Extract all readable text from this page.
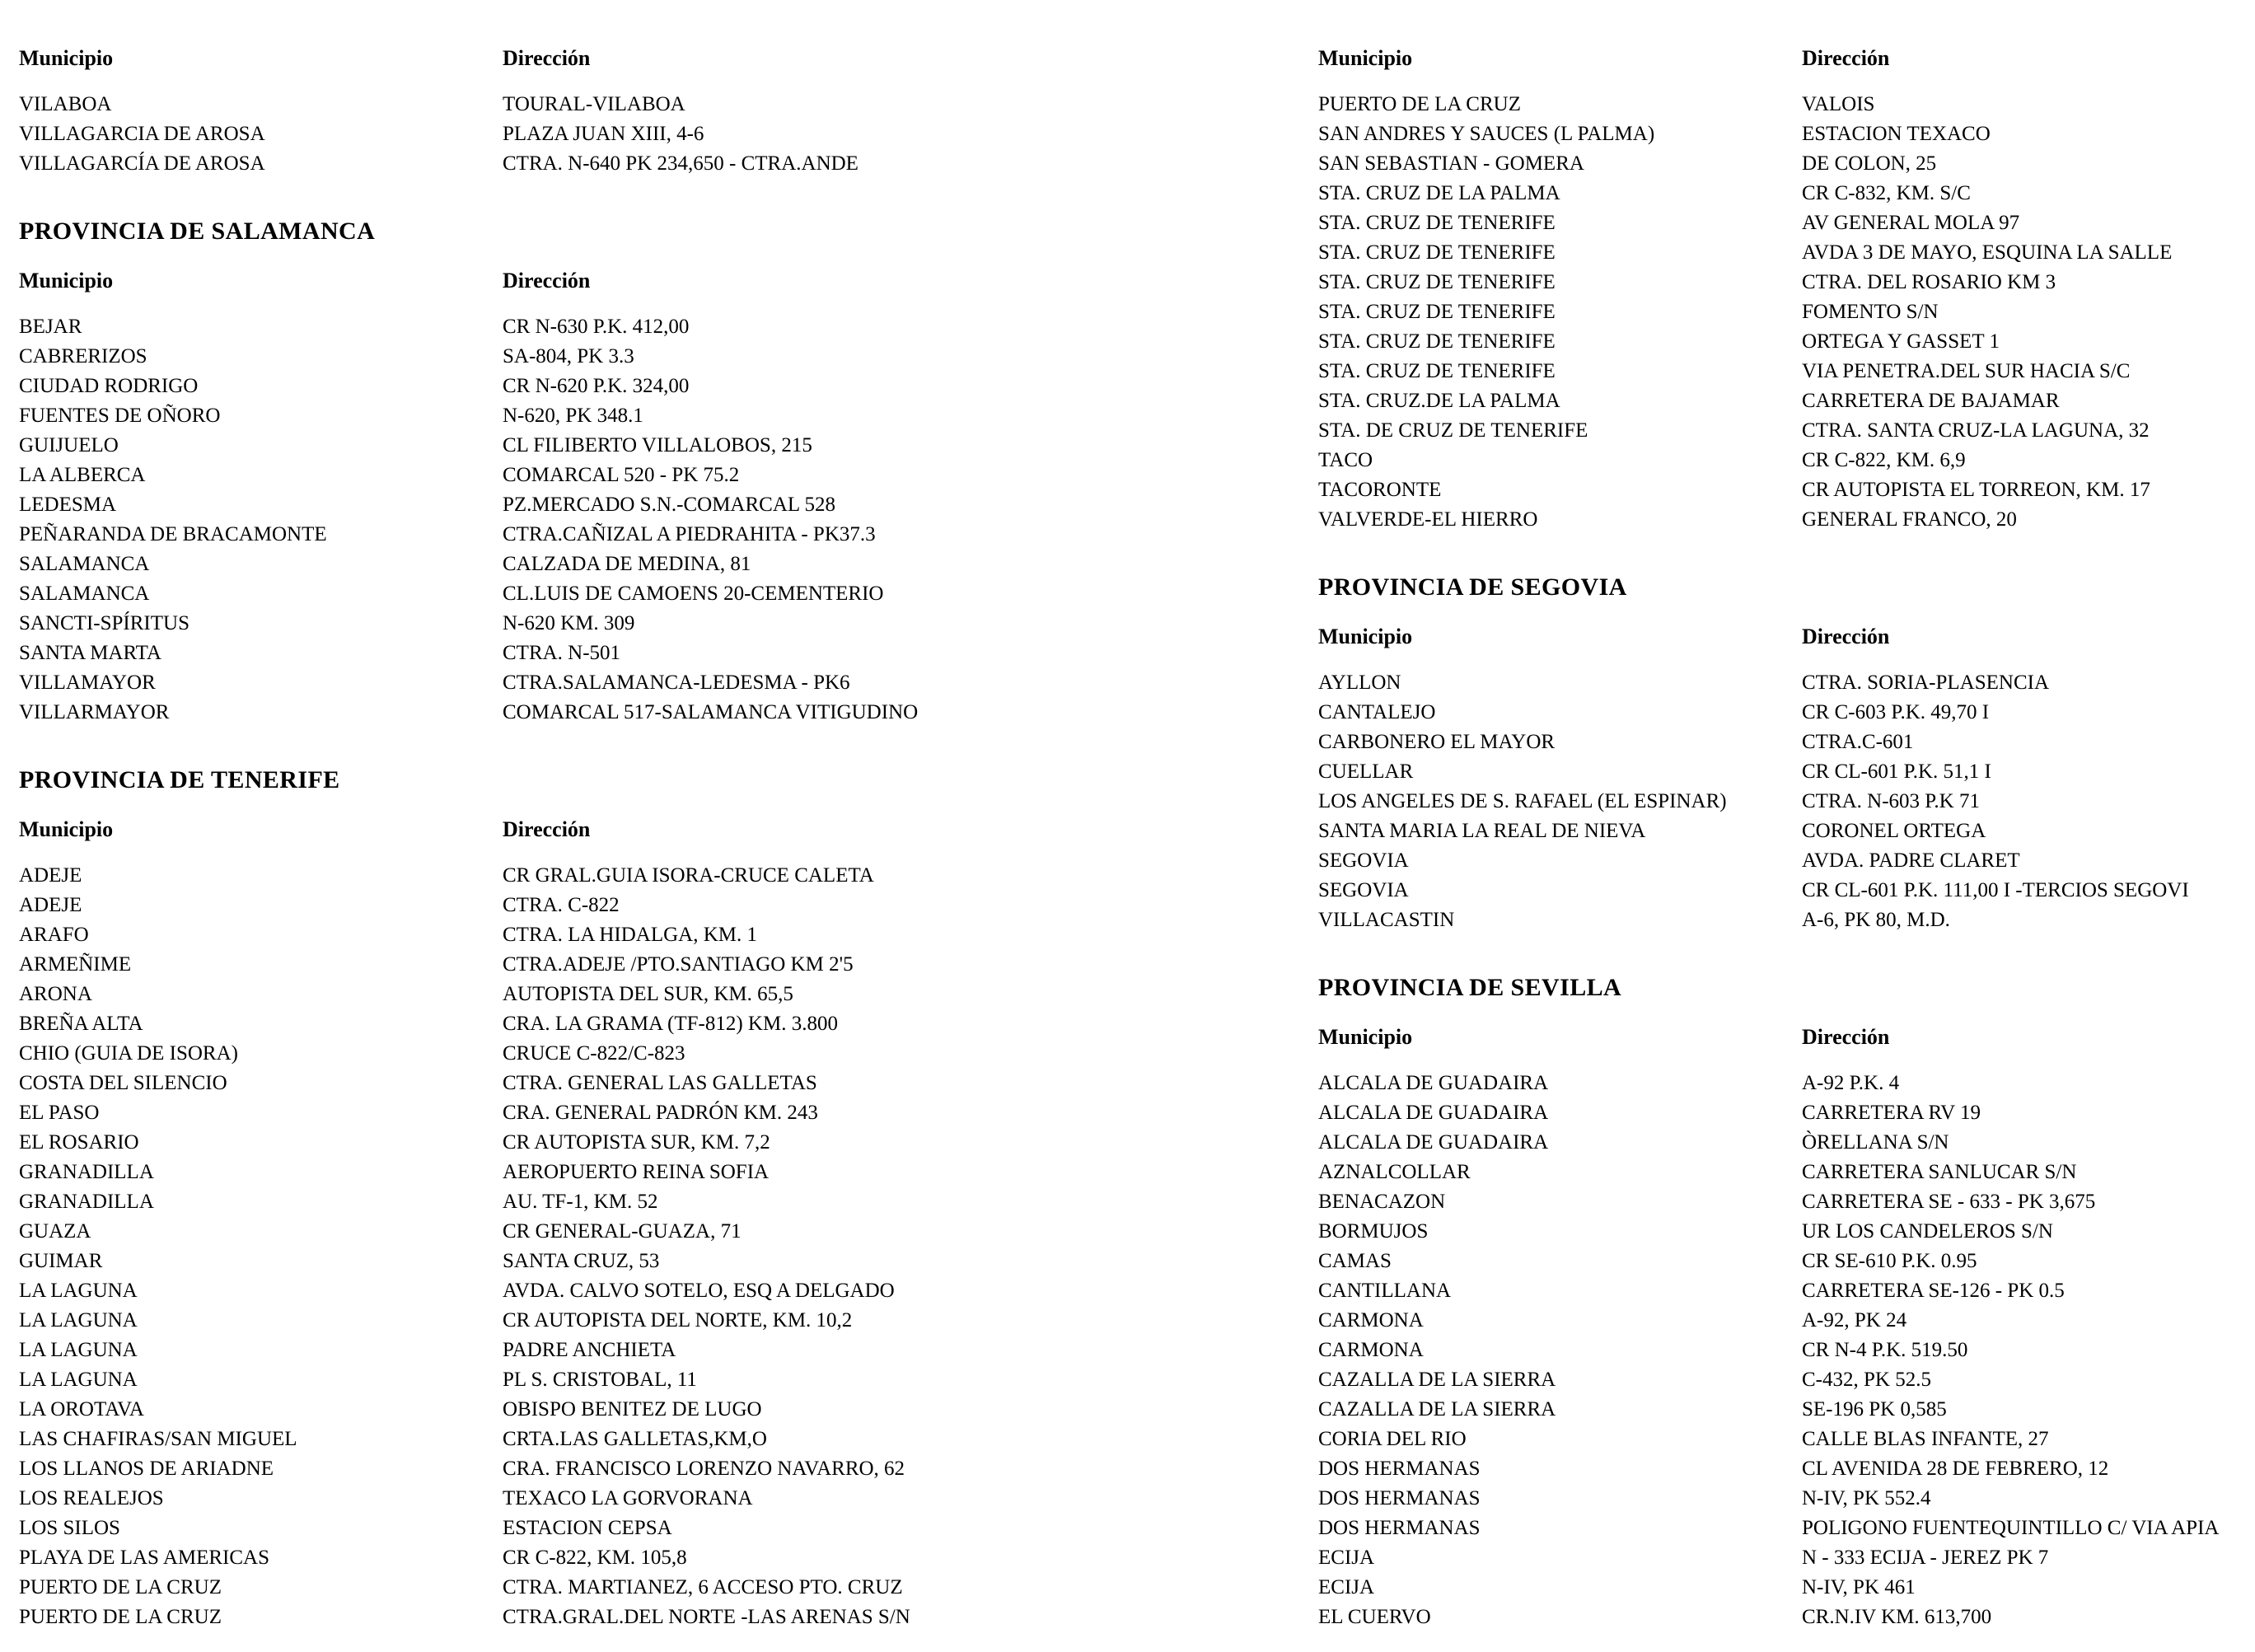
Municipio	Dirección
VILABOA	TOURAL-VILABOA
VILLAGARCIA DE AROSA	PLAZA JUAN XIII, 4-6
VILLAGARCÍA DE AROSA	CTRA. N-640 PK 234,650 - CTRA.ANDE
PROVINCIA DE SALAMANCA
Municipio	Dirección
BEJAR	CR N-630 P.K. 412,00
CABRERIZOS	SA-804, PK 3.3
CIUDAD RODRIGO	CR N-620 P.K. 324,00
FUENTES DE OÑORO	N-620, PK 348.1
GUIJUELO	CL FILIBERTO VILLALOBOS, 215
LA ALBERCA	COMARCAL 520 - PK 75.2
LEDESMA	PZ.MERCADO S.N.-COMARCAL 528
PEÑARANDA DE BRACAMONTE	CTRA.CAÑIZAL A PIEDRAHITA - PK37.3
SALAMANCA	CALZADA DE MEDINA, 81
SALAMANCA	CL.LUIS DE CAMOENS 20-CEMENTERIO
SANCTI-SPÍRITUS	N-620 KM. 309
SANTA MARTA	CTRA. N-501
VILLAMAYOR	CTRA.SALAMANCA-LEDESMA - PK6
VILLARMAYOR	COMARCAL 517-SALAMANCA VITIGUDINO
PROVINCIA DE TENERIFE
Municipio	Dirección
ADEJE	CR GRAL.GUIA ISORA-CRUCE CALETA
ADEJE	CTRA. C-822
ARAFO	CTRA. LA HIDALGA, KM. 1
ARMEÑIME	CTRA.ADEJE /PTO.SANTIAGO KM 2'5
ARONA	AUTOPISTA DEL SUR, KM. 65,5
BREÑA ALTA	CRA. LA GRAMA (TF-812) KM. 3.800
CHIO (GUIA DE ISORA)	CRUCE C-822/C-823
COSTA DEL SILENCIO	CTRA. GENERAL LAS GALLETAS
EL PASO	CRA. GENERAL PADRÓN KM. 243
EL ROSARIO	CR AUTOPISTA SUR, KM. 7,2
GRANADILLA	AEROPUERTO REINA SOFIA
GRANADILLA	AU. TF-1, KM. 52
GUAZA	CR GENERAL-GUAZA, 71
GUIMAR	SANTA CRUZ, 53
LA LAGUNA	AVDA. CALVO SOTELO, ESQ A DELGADO
LA LAGUNA	CR AUTOPISTA DEL NORTE, KM. 10,2
LA LAGUNA	PADRE ANCHIETA
LA LAGUNA	PL S. CRISTOBAL, 11
LA OROTAVA	OBISPO BENITEZ DE LUGO
LAS CHAFIRAS/SAN MIGUEL	CRTA.LAS GALLETAS,KM,O
LOS LLANOS DE ARIADNE	CRA. FRANCISCO LORENZO NAVARRO, 62
LOS REALEJOS	TEXACO LA GORVORANA
LOS SILOS	ESTACION CEPSA
PLAYA DE LAS AMERICAS	CR C-822, KM. 105,8
PUERTO DE LA CRUZ	CTRA. MARTIANEZ, 6 ACCESO PTO. CRUZ
PUERTO DE LA CRUZ	CTRA.GRAL.DEL NORTE -LAS ARENAS S/N
Municipio	Dirección
PUERTO DE LA CRUZ	VALOIS
SAN ANDRES Y SAUCES (L PALMA)	ESTACION TEXACO
SAN SEBASTIAN - GOMERA	DE COLON, 25
STA. CRUZ DE LA PALMA	CR C-832, KM. S/C
STA. CRUZ DE TENERIFE	AV GENERAL MOLA 97
STA. CRUZ DE TENERIFE	AVDA 3 DE MAYO, ESQUINA LA SALLE
STA. CRUZ DE TENERIFE	CTRA. DEL ROSARIO KM 3
STA. CRUZ DE TENERIFE	FOMENTO S/N
STA. CRUZ DE TENERIFE	ORTEGA Y GASSET 1
STA. CRUZ DE TENERIFE	VIA PENETRA.DEL SUR HACIA S/C
STA. CRUZ.DE LA PALMA	CARRETERA DE BAJAMAR
STA. DE CRUZ DE TENERIFE	CTRA. SANTA CRUZ-LA LAGUNA, 32
TACO	CR C-822, KM. 6,9
TACORONTE	CR AUTOPISTA EL TORREON, KM. 17
VALVERDE-EL HIERRO	GENERAL FRANCO, 20
PROVINCIA DE SEGOVIA
Municipio	Dirección
AYLLON	CTRA. SORIA-PLASENCIA
CANTALEJO	CR C-603 P.K. 49,70 I
CARBONERO EL MAYOR	CTRA.C-601
CUELLAR	CR CL-601 P.K. 51,1 I
LOS ANGELES DE S. RAFAEL (EL ESPINAR)	CTRA. N-603 P.K 71
SANTA MARIA LA REAL DE NIEVA	CORONEL ORTEGA
SEGOVIA	AVDA. PADRE CLARET
SEGOVIA	CR CL-601 P.K. 111,00 I -TERCIOS SEGOVI
VILLACASTIN	A-6, PK 80, M.D.
PROVINCIA DE SEVILLA
Municipio	Dirección
ALCALA DE GUADAIRA	A-92 P.K. 4
ALCALA DE GUADAIRA	CARRETERA RV 19
ALCALA DE GUADAIRA	ÒRELLANA S/N
AZNALCOLLAR	CARRETERA SANLUCAR S/N
BENACAZON	CARRETERA SE - 633 - PK 3,675
BORMUJOS	UR LOS CANDELEROS S/N
CAMAS	CR SE-610 P.K. 0.95
CANTILLANA	CARRETERA SE-126 - PK 0.5
CARMONA	A-92, PK 24
CARMONA	CR N-4 P.K. 519.50
CAZALLA DE LA SIERRA	C-432, PK 52.5
CAZALLA DE LA SIERRA	SE-196 PK 0,585
CORIA DEL RIO	CALLE BLAS INFANTE, 27
DOS HERMANAS	CL AVENIDA 28 DE FEBRERO, 12
DOS HERMANAS	N-IV, PK 552.4
DOS HERMANAS	POLIGONO FUENTEQUINTILLO C/ VIA APIA
ECIJA	N - 333 ECIJA - JEREZ PK 7
ECIJA	N-IV, PK 461
EL CUERVO	CR.N.IV KM. 613,700
